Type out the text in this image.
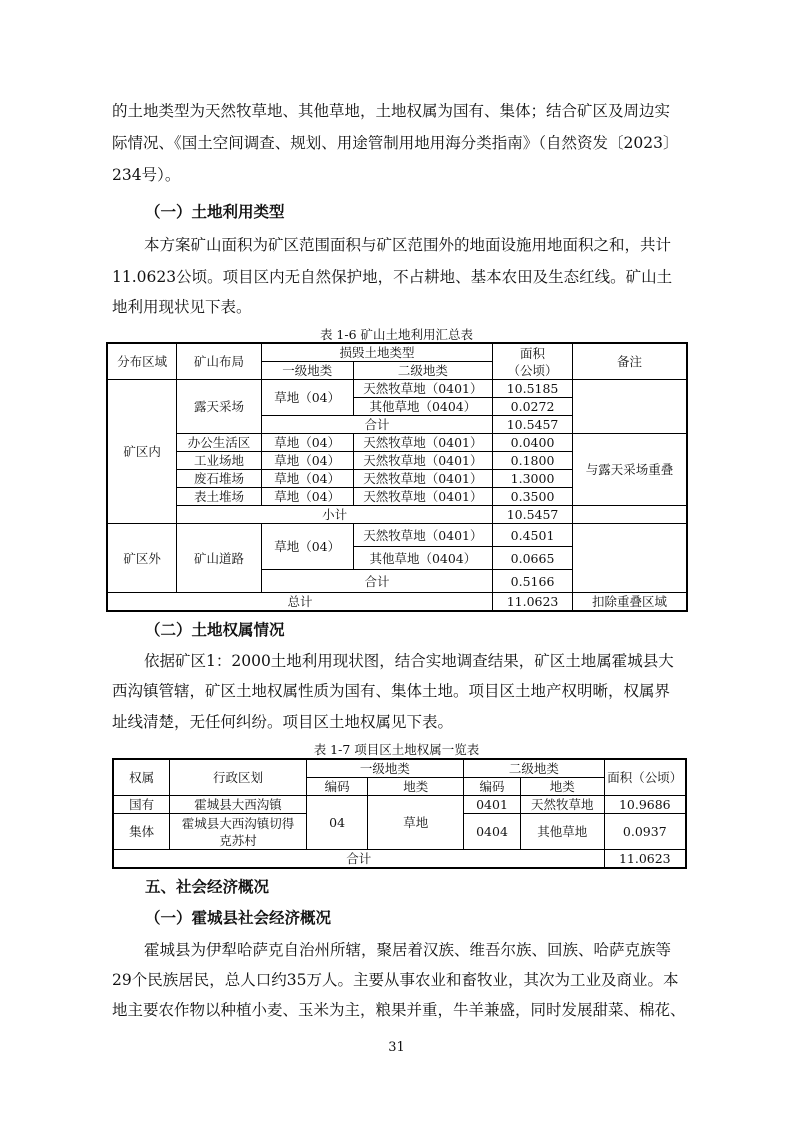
的土地类型为天然牧草地、其他草地，土地权属为国有、集体；结合矿区及周边实

际情况、《国土空间调查、规划、用途管制用地用海分类指南》（自然资发〔2023〕

234号）。

（一）土地利用类型

本方案矿山面积为矿区范围面积与矿区范围外的地面设施用地面积之和，共计

11.0623公顷。项目区内无自然保护地，不占耕地、基本农田及生态红线。矿山土

地利用现状见下表。

表 1-6 矿山土地利用汇总表

分布区域	矿山布局	损毁土地类型		面积
（公顷）	备注
		一级地类	二级地类		
矿区内	露天采场	草地（04）	天然牧草地（0401）	10.5185	
			其他草地（0404）	0.0272	
		合计		10.5457	
	办公生活区	草地（04）	天然牧草地（0401）	0.0400	与露天采场重叠
	工业场地	草地（04）	天然牧草地（0401）	0.1800	
	废石堆场	草地（04）	天然牧草地（0401）	1.3000	
	表土堆场	草地（04）	天然牧草地（0401）	0.3500	
	小计			10.5457	
矿区外	矿山道路	草地（04）	天然牧草地（0401）	0.4501	
			其他草地（0404）	0.0665	
		合计		0.5166	
总计				11.0623	扣除重叠区域

（二）土地权属情况

依据矿区1：2000土地利用现状图，结合实地调查结果，矿区土地属霍城县大

西沟镇管辖，矿区土地权属性质为国有、集体土地。项目区土地产权明晰，权属界

址线清楚，无任何纠纷。项目区土地权属见下表。

表 1-7 项目区土地权属一览表

权属	行政区划	一级地类		二级地类		面积（公顷）
		编码	地类	编码	地类	
国有	霍城县大西沟镇	04	草地	0401	天然牧草地	10.9686
集体	霍城县大西沟镇切得克苏村			0404	其他草地	0.0937
合计						11.0623

五、社会经济概况

（一）霍城县社会经济概况

霍城县为伊犁哈萨克自治州所辖，聚居着汉族、维吾尔族、回族、哈萨克族等

29个民族居民，总人口约35万人。主要从事农业和畜牧业，其次为工业及商业。本

地主要农作物以种植小麦、玉米为主，粮果并重，牛羊兼盛，同时发展甜菜、棉花、

31
